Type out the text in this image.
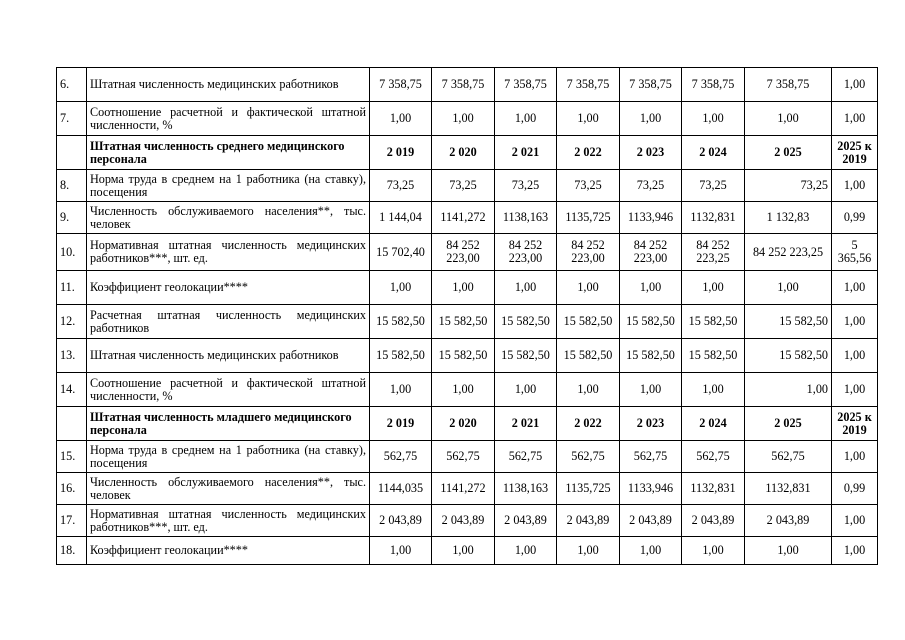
6.	Штатная численность медицинских работников	7 358,75	7 358,75	7 358,75	7 358,75	7 358,75	7 358,75	7 358,75	1,00
7.	Соотношение расчетной и фактической штатной численности, %	1,00	1,00	1,00	1,00	1,00	1,00	1,00	1,00
	Штатная численность среднего медицинского персонала	2 019	2 020	2 021	2 022	2 023	2 024	2 025	2025 к 2019
8.	Норма труда в среднем на 1 работника (на ставку), посещения	73,25	73,25	73,25	73,25	73,25	73,25	73,25	1,00
9.	Численность обслуживаемого населения**, тыс. человек	1 144,04	1141,272	1138,163	1135,725	1133,946	1132,831	1 132,83	0,99
10.	Нормативная штатная численность медицинских работников***, шт. ед.	15 702,40	84 252 223,00	84 252 223,00	84 252 223,00	84 252 223,00	84 252 223,25	84 252 223,25	5 365,56
11.	Коэффициент геолокации****	1,00	1,00	1,00	1,00	1,00	1,00	1,00	1,00
12.	Расчетная штатная численность медицинских работников	15 582,50	15 582,50	15 582,50	15 582,50	15 582,50	15 582,50	15 582,50	1,00
13.	Штатная численность медицинских работников	15 582,50	15 582,50	15 582,50	15 582,50	15 582,50	15 582,50	15 582,50	1,00
14.	Соотношение расчетной и фактической штатной численности, %	1,00	1,00	1,00	1,00	1,00	1,00	1,00	1,00
	Штатная численность младшего медицинского персонала	2 019	2 020	2 021	2 022	2 023	2 024	2 025	2025 к 2019
15.	Норма труда в среднем на 1 работника (на ставку), посещения	562,75	562,75	562,75	562,75	562,75	562,75	562,75	1,00
16.	Численность обслуживаемого населения**, тыс. человек	1144,035	1141,272	1138,163	1135,725	1133,946	1132,831	1132,831	0,99
17.	Нормативная штатная численность медицинских работников***, шт. ед.	2 043,89	2 043,89	2 043,89	2 043,89	2 043,89	2 043,89	2 043,89	1,00
18.	Коэффициент геолокации****	1,00	1,00	1,00	1,00	1,00	1,00	1,00	1,00
